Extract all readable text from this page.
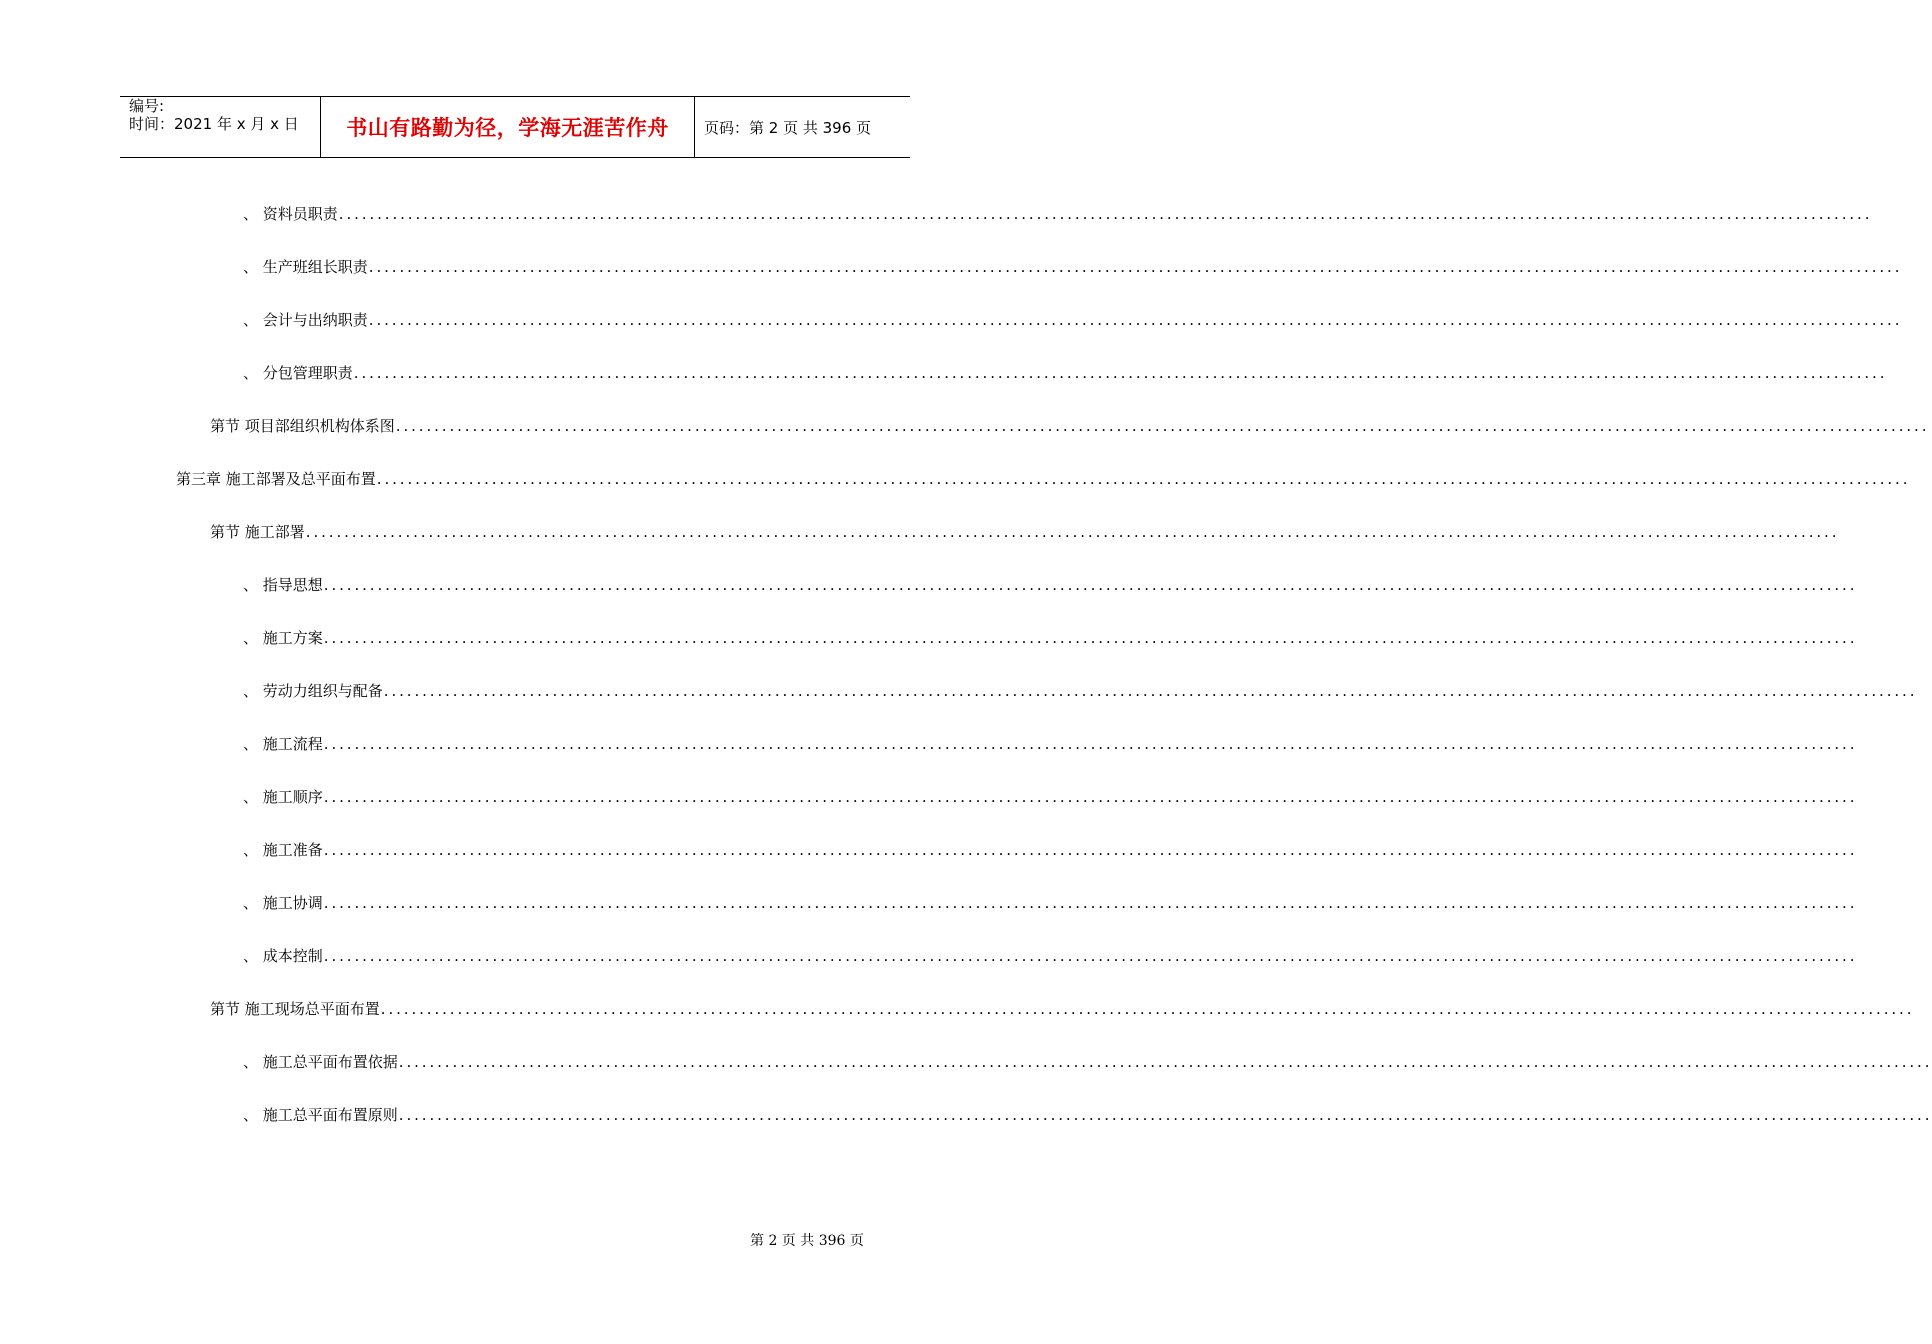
编号:
时间：2021 年 x 月 x 日 书山有路勤为径，学海无涯苦作舟 页码：第 2 页 共 396 页
、 资料员职责 ........................................................................................................................................................................................................
、 生产班组长职责 ........................................................................................................................................................................................................
、 会计与出纳职责 ........................................................................................................................................................................................................
、 分包管理职责 ........................................................................................................................................................................................................
第节 项目部组织机构体系图 ........................................................................................................................................................................................................
第三章 施工部署及总平面布置 ........................................................................................................................................................................................................
第节 施工部署 ........................................................................................................................................................................................................
、 指导思想 ........................................................................................................................................................................................................
、 施工方案 ........................................................................................................................................................................................................
、 劳动力组织与配备 ........................................................................................................................................................................................................
、 施工流程 ........................................................................................................................................................................................................
、 施工顺序 ........................................................................................................................................................................................................
、 施工准备 ........................................................................................................................................................................................................
、 施工协调 ........................................................................................................................................................................................................
、 成本控制 ........................................................................................................................................................................................................
第节 施工现场总平面布置 ........................................................................................................................................................................................................
、 施工总平面布置依据 ........................................................................................................................................................................................................
、 施工总平面布置原则 ........................................................................................................................................................................................................
第 2 页 共 396 页
